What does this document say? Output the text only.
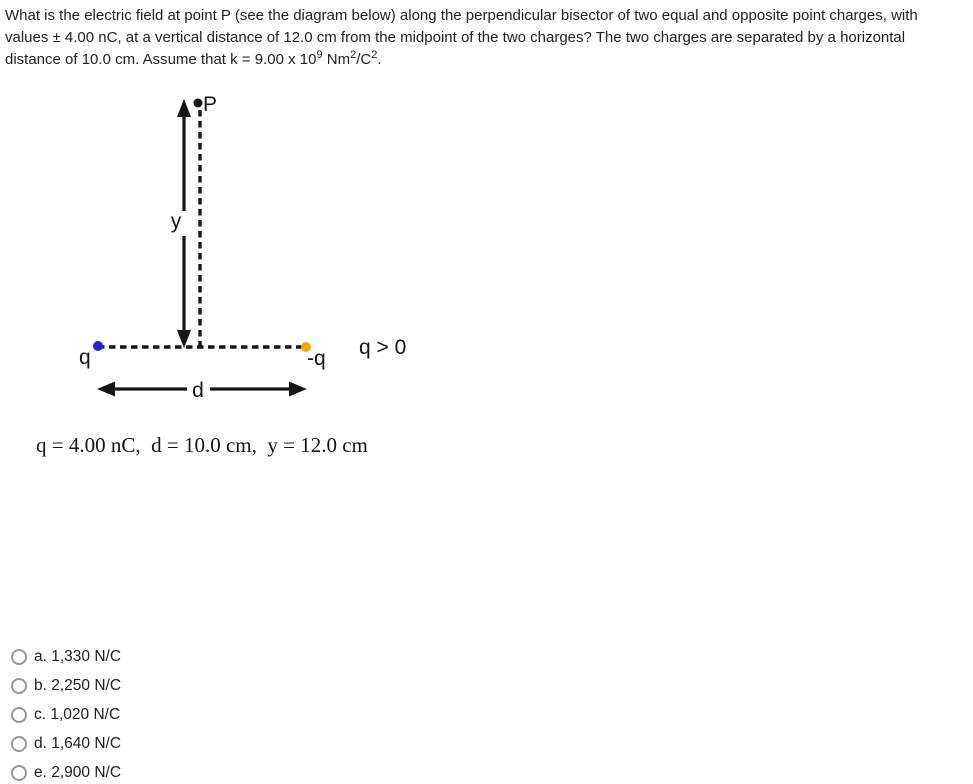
What is the electric field at point P (see the diagram below) along the perpendicular bisector of two equal and opposite point charges, with
values ± 4.00 nC, at a vertical distance of 12.0 cm from the midpoint of the two charges? The two charges are separated by a horizontal
distance of 10.0 cm. Assume that k = 9.00 x $10^9$ $Nm^2/C^2$.
y
P
q	-q q > 0
d
q = 4.00 nC,  d = 10.0 cm,  y = 12.0 cm
a. 1,330 N/C
b. 2,250 N/C
c. 1,020 N/C
d. 1,640 N/C
e. 2,900 N/C
